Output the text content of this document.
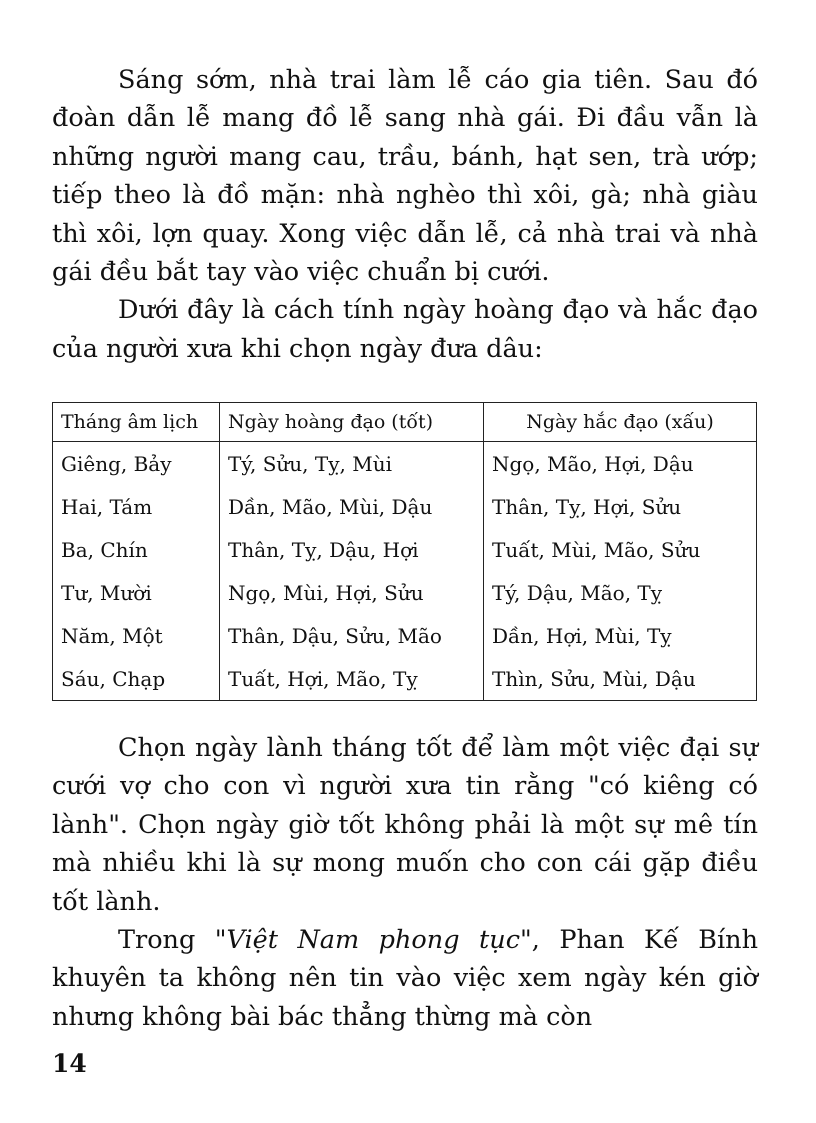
Sáng sớm, nhà trai làm lễ cáo gia tiên. Sau đó đoàn dẫn lễ mang đồ lễ sang nhà gái. Đi đầu vẫn là những người mang cau, trầu, bánh, hạt sen, trà ướp; tiếp theo là đồ mặn: nhà nghèo thì xôi, gà; nhà giàu thì xôi, lợn quay. Xong việc dẫn lễ, cả nhà trai và nhà gái đều bắt tay vào việc chuẩn bị cưới.

Dưới đây là cách tính ngày hoàng đạo và hắc đạo của người xưa khi chọn ngày đưa dâu:

Tháng âm lịch	Ngày hoàng đạo (tốt)	Ngày hắc đạo (xấu)
Giêng, Bảy	Tý, Sửu, Tỵ, Mùi	Ngọ, Mão, Hợi, Dậu
Hai, Tám	Dần, Mão, Mùi, Dậu	Thân, Tỵ, Hợi, Sửu
Ba, Chín	Thân, Tỵ, Dậu, Hợi	Tuất, Mùi, Mão, Sửu
Tư, Mười	Ngọ, Mùi, Hợi, Sửu	Tý, Dậu, Mão, Tỵ
Năm, Một	Thân, Dậu, Sửu, Mão	Dần, Hợi, Mùi, Tỵ
Sáu, Chạp	Tuất, Hợi, Mão, Tỵ	Thìn, Sửu, Mùi, Dậu

Chọn ngày lành tháng tốt để làm một việc đại sự cưới vợ cho con vì người xưa tin rằng "có kiêng có lành". Chọn ngày giờ tốt không phải là một sự mê tín mà nhiều khi là sự mong muốn cho con cái gặp điều tốt lành.

Trong "Việt Nam phong tục", Phan Kế Bính khuyên ta không nên tin vào việc xem ngày kén giờ nhưng không bài bác thẳng thừng mà còn

14
